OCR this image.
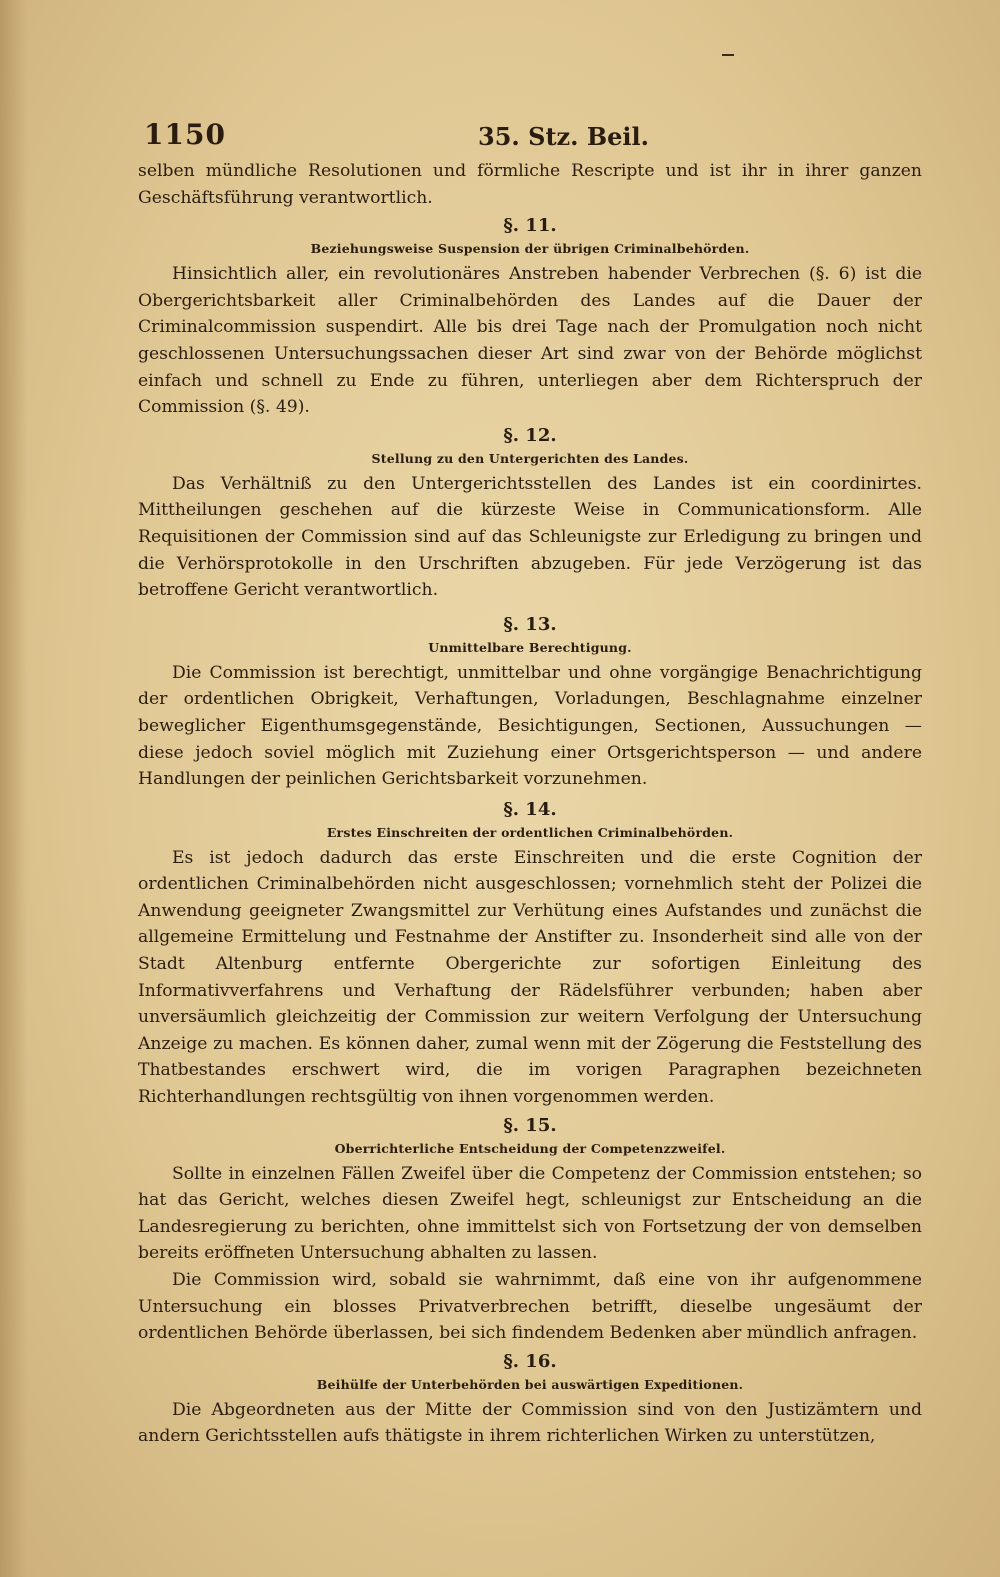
1150	35. Stz. Beil.

selben mündliche Resolutionen und förmliche Rescripte und ist ihr in ihrer ganzen Geschäftsführung verantwortlich.

§. 11.
Beziehungsweise Suspension der übrigen Criminalbehörden.

Hinsichtlich aller, ein revolutionäres Anstreben habender Verbrechen (§. 6) ist die Obergerichtsbarkeit aller Criminalbehörden des Landes auf die Dauer der Criminalcommission suspendirt. Alle bis drei Tage nach der Promulgation noch nicht geschlossenen Untersuchungssachen dieser Art sind zwar von der Behörde möglichst einfach und schnell zu Ende zu führen, unterliegen aber dem Richterspruch der Commission (§. 49).

§. 12.
Stellung zu den Untergerichten des Landes.

Das Verhältniß zu den Untergerichtsstellen des Landes ist ein coordinirtes. Mittheilungen geschehen auf die kürzeste Weise in Communicationsform. Alle Requisitionen der Commission sind auf das Schleunigste zur Erledigung zu bringen und die Verhörsprotokolle in den Urschriften abzugeben. Für jede Verzögerung ist das betroffene Gericht verantwortlich.

§. 13.
Unmittelbare Berechtigung.

Die Commission ist berechtigt, unmittelbar und ohne vorgängige Benachrichtigung der ordentlichen Obrigkeit, Verhaftungen, Vorladungen, Beschlagnahme einzelner beweglicher Eigenthumsgegenstände, Besichtigungen, Sectionen, Aussuchungen — diese jedoch soviel möglich mit Zuziehung einer Ortsgerichtsperson — und andere Handlungen der peinlichen Gerichtsbarkeit vorzunehmen.

§. 14.
Erstes Einschreiten der ordentlichen Criminalbehörden.

Es ist jedoch dadurch das erste Einschreiten und die erste Cognition der ordentlichen Criminalbehörden nicht ausgeschlossen; vornehmlich steht der Polizei die Anwendung geeigneter Zwangsmittel zur Verhütung eines Aufstandes und zunächst die allgemeine Ermittelung und Festnahme der Anstifter zu. Insonderheit sind alle von der Stadt Altenburg entfernte Obergerichte zur sofortigen Einleitung des Informativverfahrens und Verhaftung der Rädelsführer verbunden; haben aber unversäumlich gleichzeitig der Commission zur weitern Verfolgung der Untersuchung Anzeige zu machen. Es können daher, zumal wenn mit der Zögerung die Feststellung des Thatbestandes erschwert wird, die im vorigen Paragraphen bezeichneten Richterhandlungen rechtsgültig von ihnen vorgenommen werden.

§. 15.
Oberrichterliche Entscheidung der Competenzzweifel.

Sollte in einzelnen Fällen Zweifel über die Competenz der Commission entstehen; so hat das Gericht, welches diesen Zweifel hegt, schleunigst zur Entscheidung an die Landesregierung zu berichten, ohne immittelst sich von Fortsetzung der von demselben bereits eröffneten Untersuchung abhalten zu lassen.

Die Commission wird, sobald sie wahrnimmt, daß eine von ihr aufgenommene Untersuchung ein blosses Privatverbrechen betrifft, dieselbe ungesäumt der ordentlichen Behörde überlassen, bei sich findendem Bedenken aber mündlich anfragen.

§. 16.
Beihülfe der Unterbehörden bei auswärtigen Expeditionen.

Die Abgeordneten aus der Mitte der Commission sind von den Justizämtern und andern Gerichtsstellen aufs thätigste in ihrem richterlichen Wirken zu unterstützen,
